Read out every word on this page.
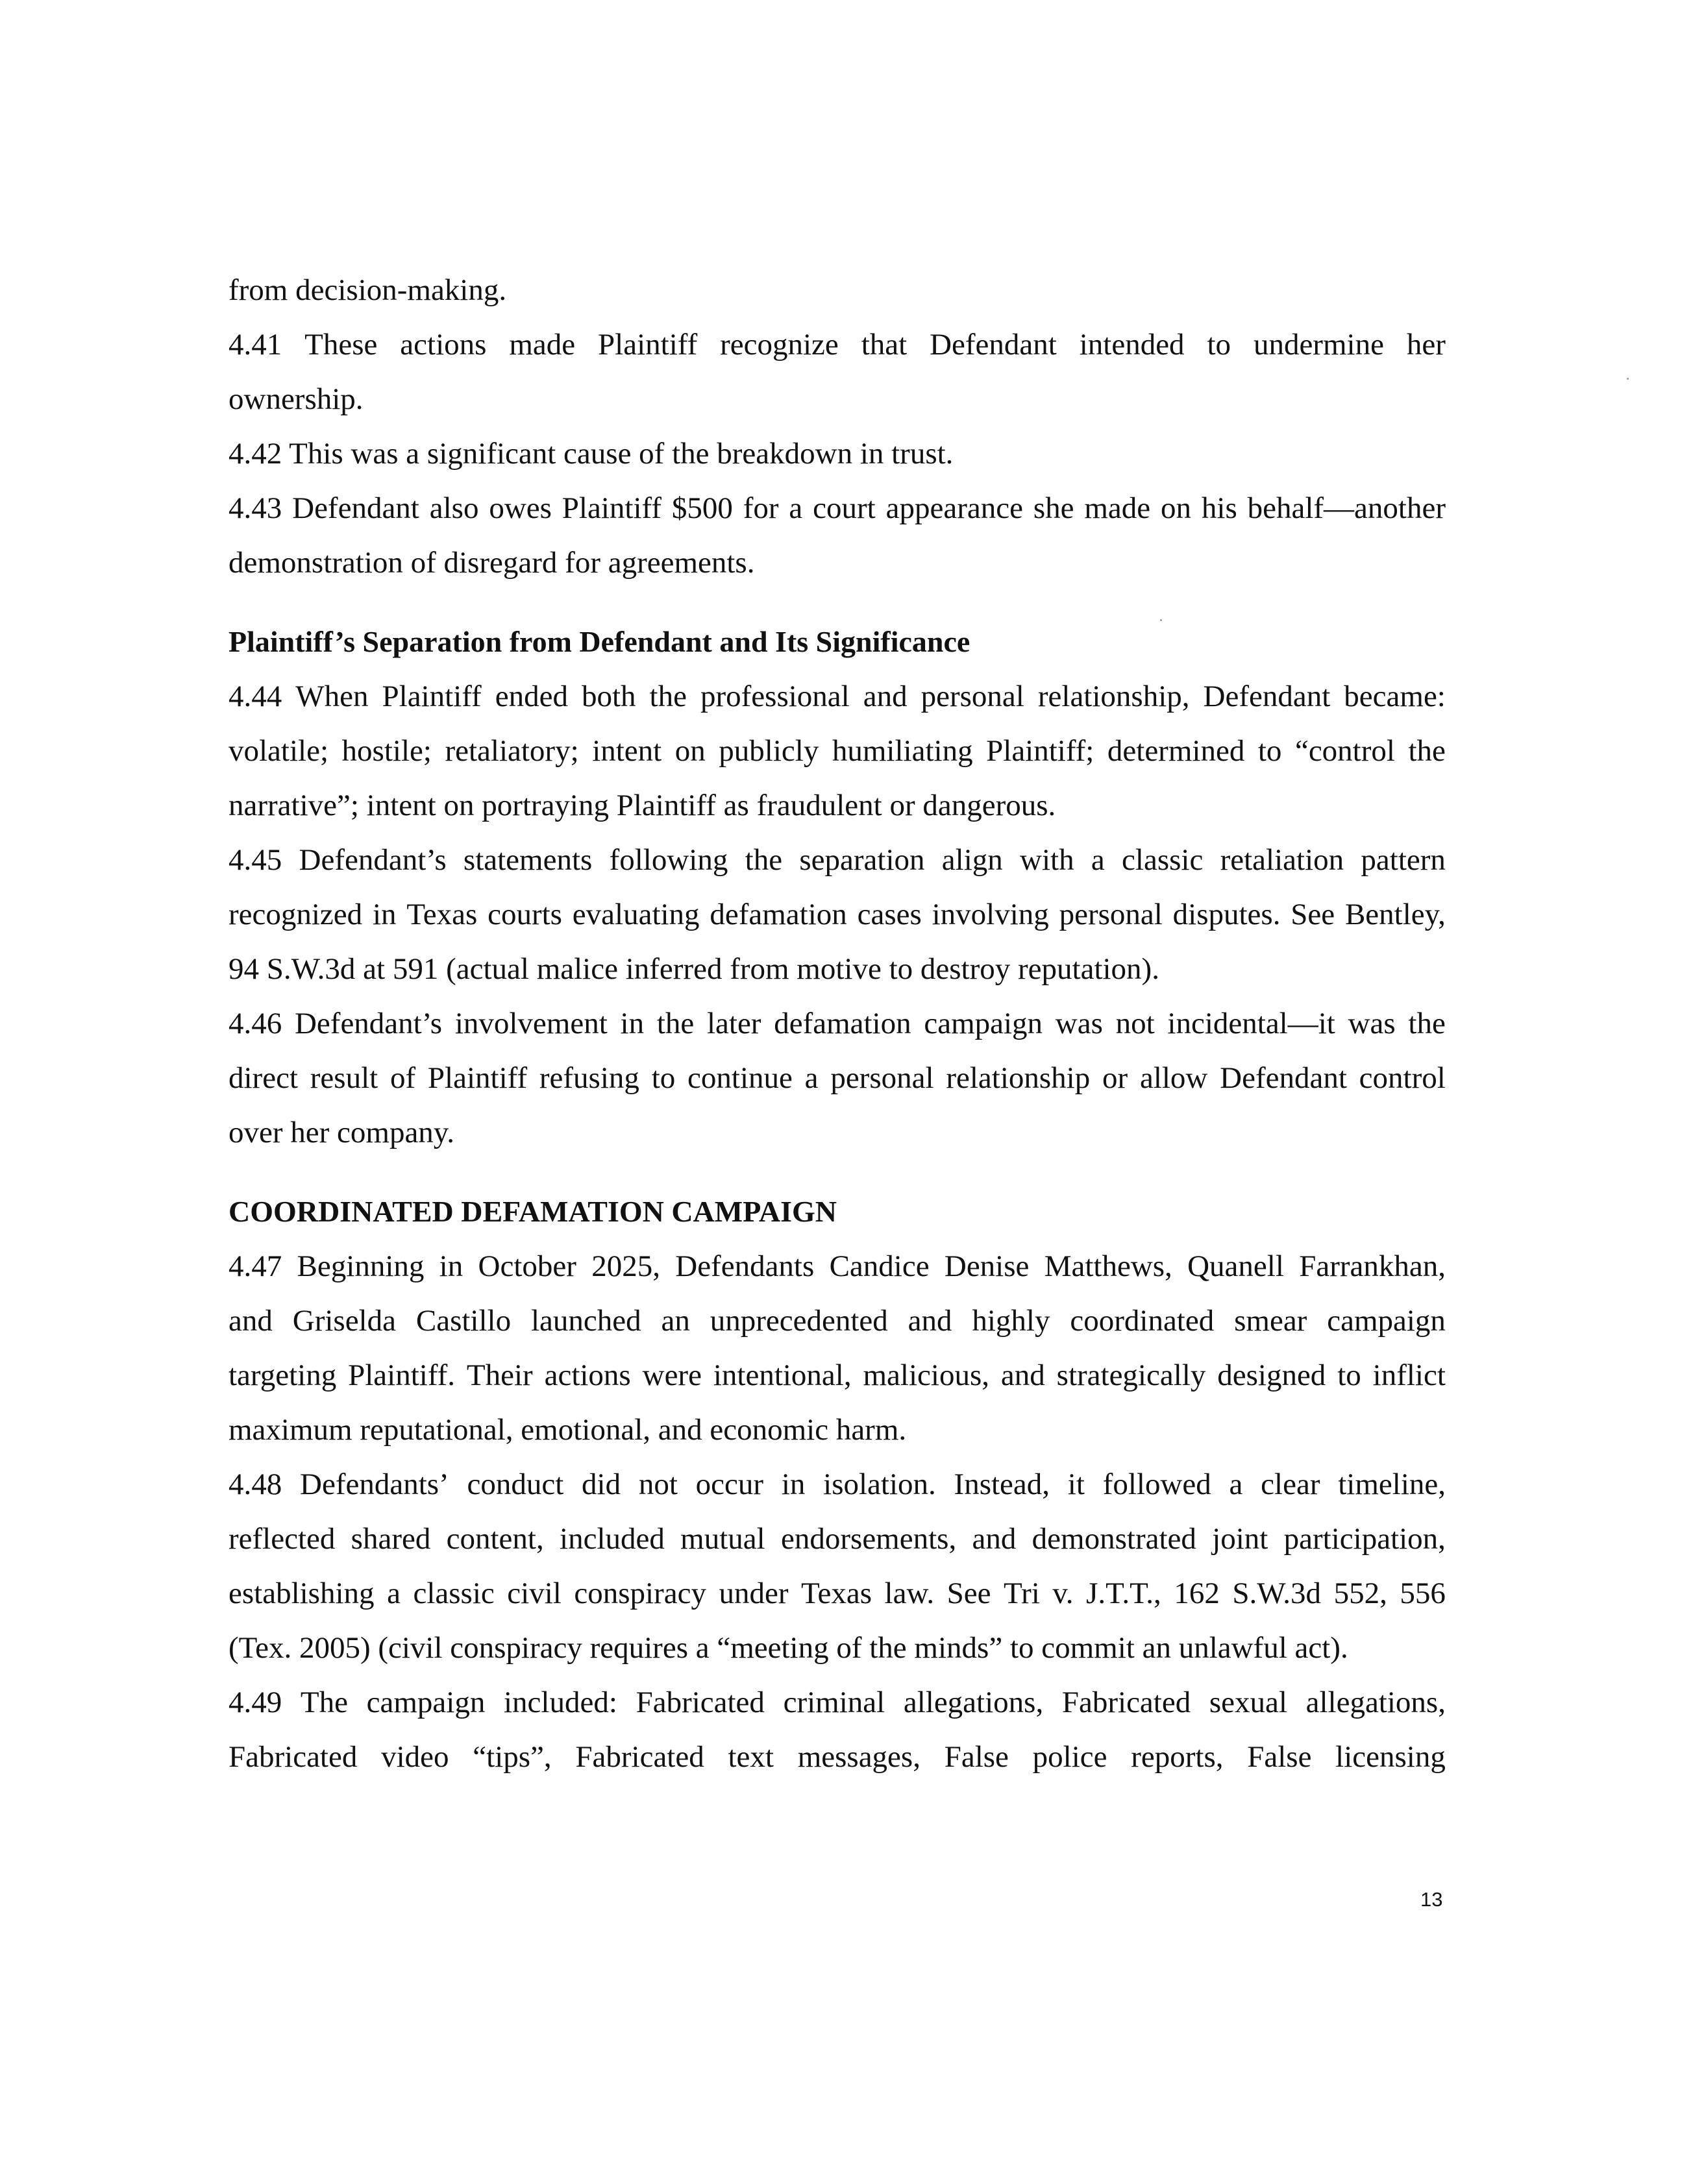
from decision-making.
4.41 These actions made Plaintiff recognize that Defendant intended to undermine her
ownership.
4.42 This was a significant cause of the breakdown in trust.
4.43 Defendant also owes Plaintiff $500 for a court appearance she made on his behalf—another
demonstration of disregard for agreements.
Plaintiff’s Separation from Defendant and Its Significance
4.44 When Plaintiff ended both the professional and personal relationship, Defendant became:
volatile; hostile; retaliatory; intent on publicly humiliating Plaintiff; determined to “control the
narrative”; intent on portraying Plaintiff as fraudulent or dangerous.
4.45 Defendant’s statements following the separation align with a classic retaliation pattern
recognized in Texas courts evaluating defamation cases involving personal disputes. See Bentley,
94 S.W.3d at 591 (actual malice inferred from motive to destroy reputation).
4.46 Defendant’s involvement in the later defamation campaign was not incidental—it was the
direct result of Plaintiff refusing to continue a personal relationship or allow Defendant control
over her company.
COORDINATED DEFAMATION CAMPAIGN
4.47 Beginning in October 2025, Defendants Candice Denise Matthews, Quanell Farrankhan,
and Griselda Castillo launched an unprecedented and highly coordinated smear campaign
targeting Plaintiff. Their actions were intentional, malicious, and strategically designed to inflict
maximum reputational, emotional, and economic harm.
4.48 Defendants’ conduct did not occur in isolation. Instead, it followed a clear timeline,
reflected shared content, included mutual endorsements, and demonstrated joint participation,
establishing a classic civil conspiracy under Texas law. See Tri v. J.T.T., 162 S.W.3d 552, 556
(Tex. 2005) (civil conspiracy requires a “meeting of the minds” to commit an unlawful act).
4.49 The campaign included: Fabricated criminal allegations, Fabricated sexual allegations,
Fabricated video “tips”, Fabricated text messages, False police reports, False licensing
13
